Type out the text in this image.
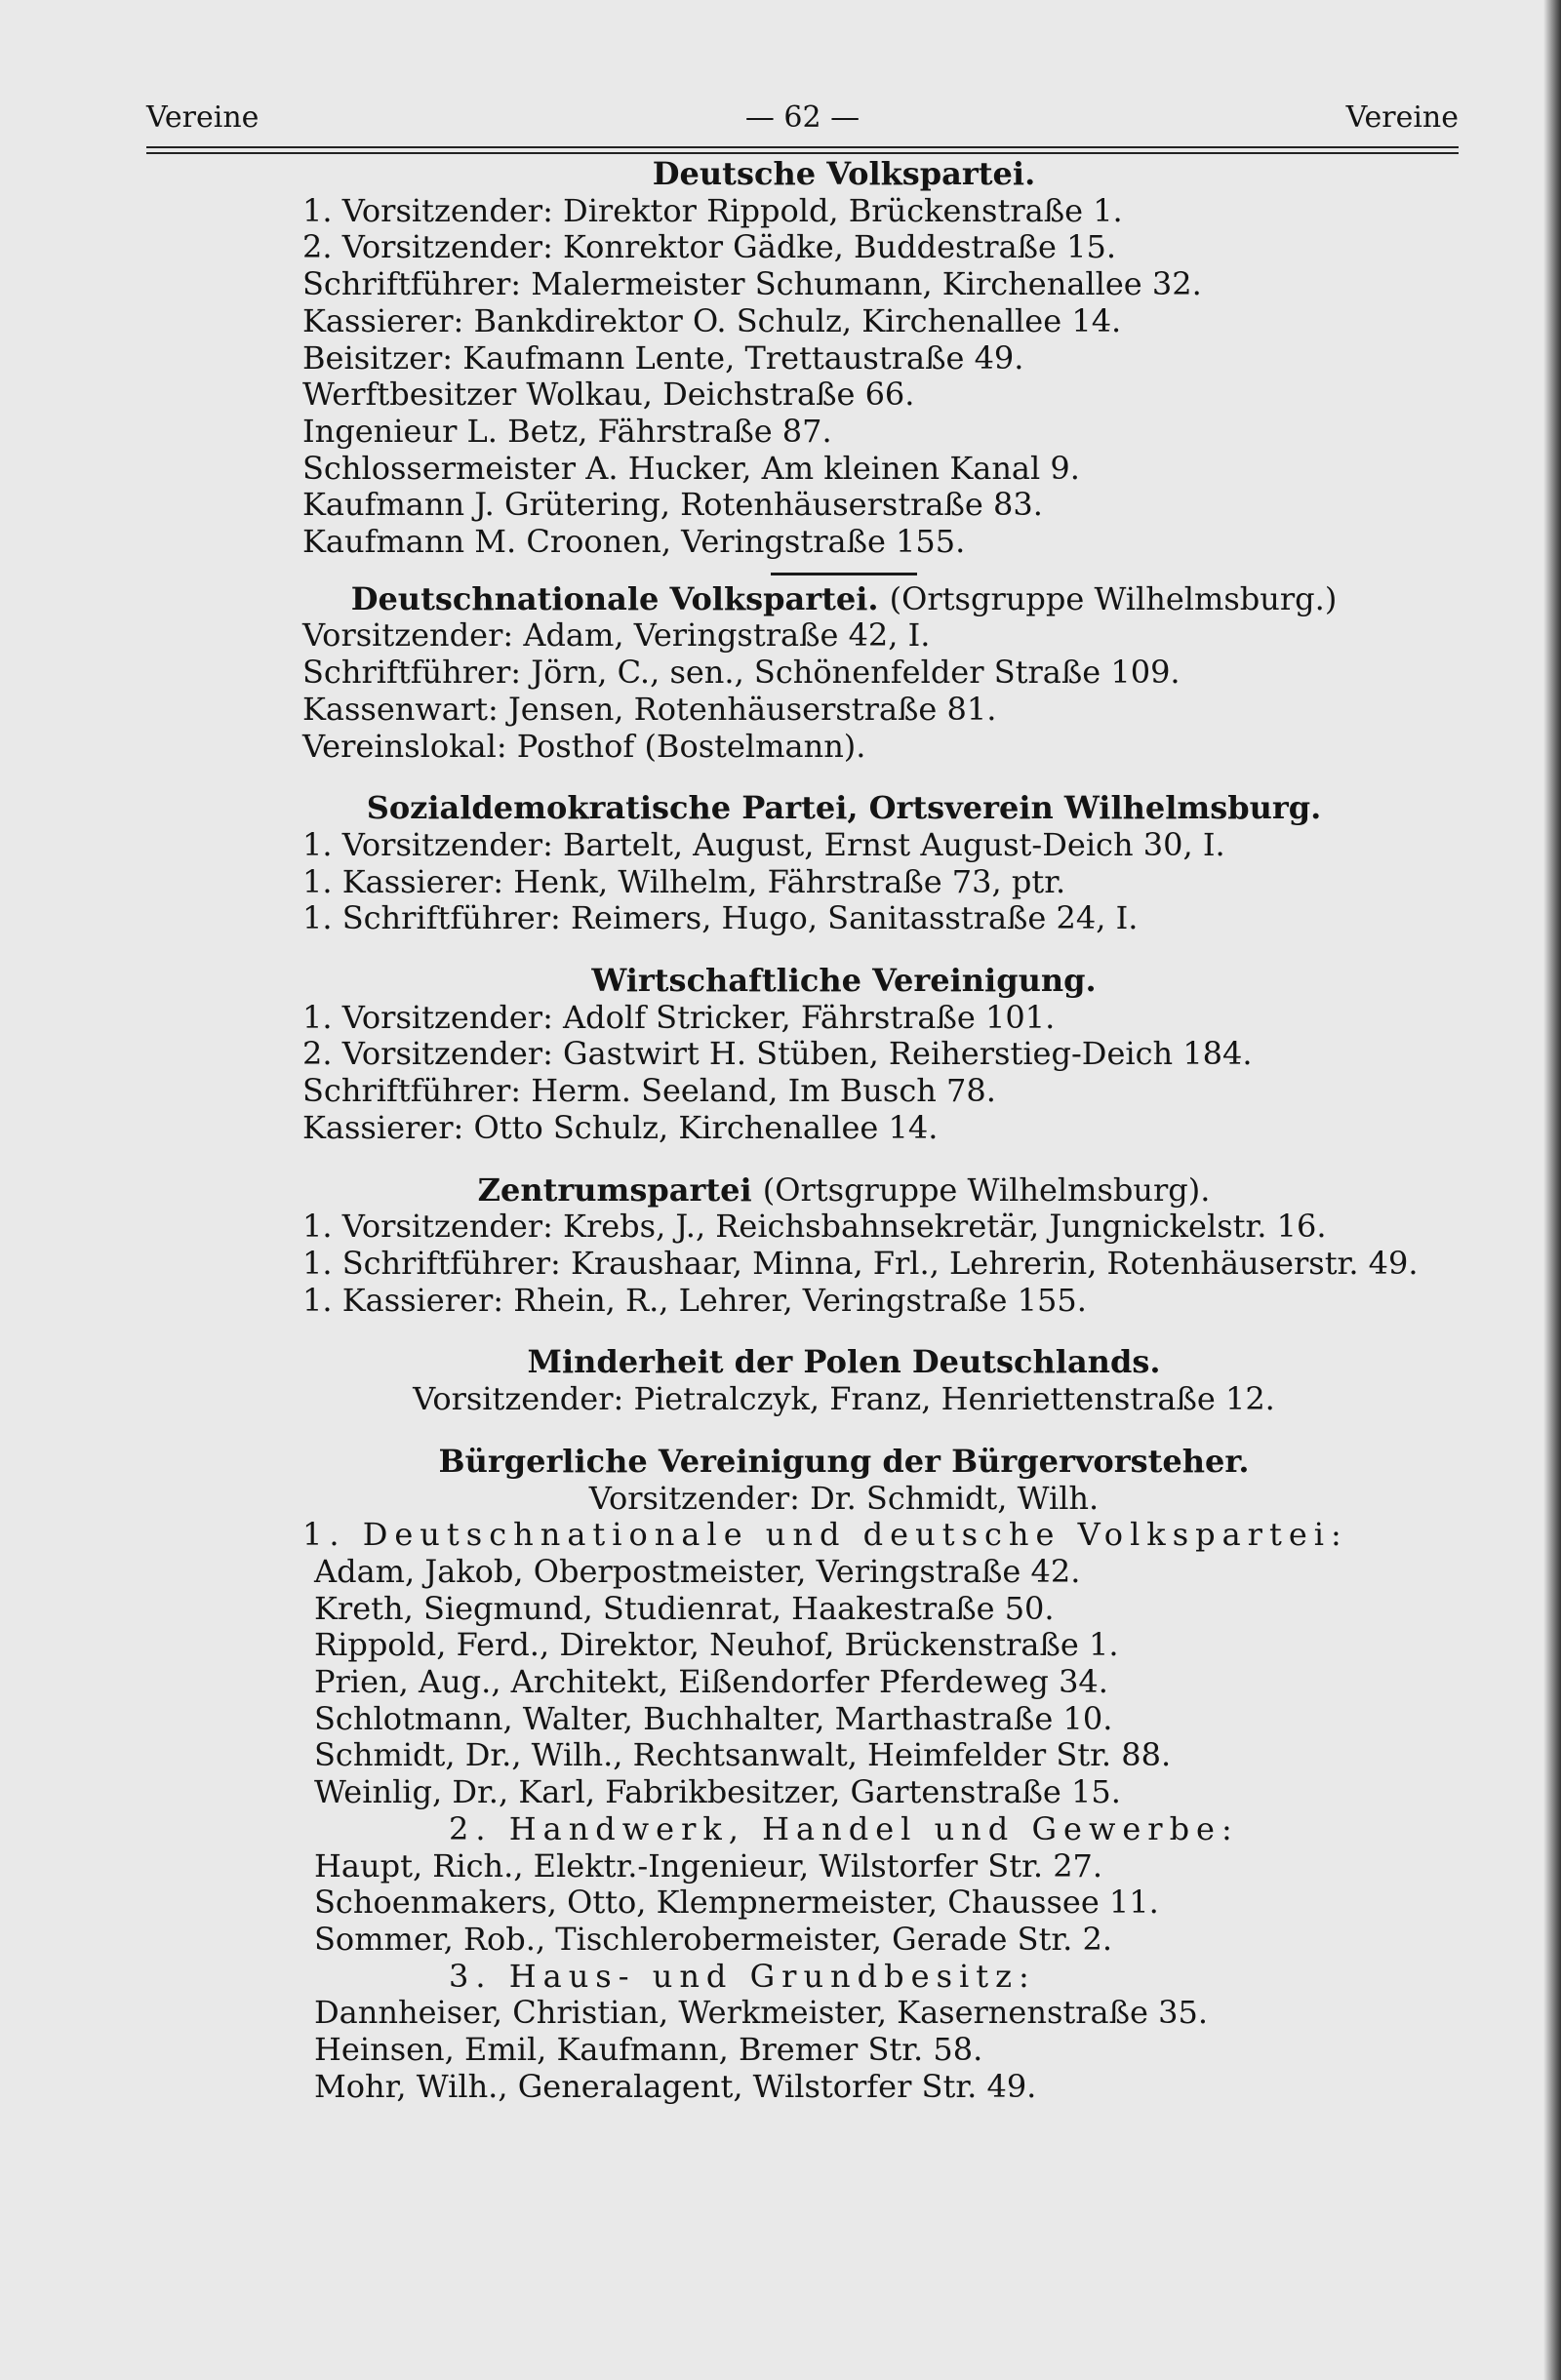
Vereine	— 62 —	Vereine
Deutsche Volkspartei.
1. Vorsitzender: Direktor Rippold, Brückenstraße 1.
2. Vorsitzender: Konrektor Gädke, Buddestraße 15.
Schriftführer: Malermeister Schumann, Kirchenallee 32.
Kassierer: Bankdirektor O. Schulz, Kirchenallee 14.
Beisitzer: Kaufmann Lente, Trettaustraße 49.
Werftbesitzer Wolkau, Deichstraße 66.
Ingenieur L. Betz, Fährstraße 87.
Schlossermeister A. Hucker, Am kleinen Kanal 9.
Kaufmann J. Grütering, Rotenhäuserstraße 83.
Kaufmann M. Croonen, Veringstraße 155.
Deutschnationale Volkspartei. (Ortsgruppe Wilhelmsburg.)
Vorsitzender: Adam, Veringstraße 42, I.
Schriftführer: Jörn, C., sen., Schönenfelder Straße 109.
Kassenwart: Jensen, Rotenhäuserstraße 81.
Vereinslokal: Posthof (Bostelmann).
Sozialdemokratische Partei, Ortsverein Wilhelmsburg.
1. Vorsitzender: Bartelt, August, Ernst August-Deich 30, I.
1. Kassierer: Henk, Wilhelm, Fährstraße 73, ptr.
1. Schriftführer: Reimers, Hugo, Sanitasstraße 24, I.
Wirtschaftliche Vereinigung.
1. Vorsitzender: Adolf Stricker, Fährstraße 101.
2. Vorsitzender: Gastwirt H. Stüben, Reiherstieg-Deich 184.
Schriftführer: Herm. Seeland, Im Busch 78.
Kassierer: Otto Schulz, Kirchenallee 14.
Zentrumspartei (Ortsgruppe Wilhelmsburg).
1. Vorsitzender: Krebs, J., Reichsbahnsekretär, Jungnickelstr. 16.
1. Schriftführer: Kraushaar, Minna, Frl., Lehrerin, Rotenhäuserstr. 49.
1. Kassierer: Rhein, R., Lehrer, Veringstraße 155.
Minderheit der Polen Deutschlands.
Vorsitzender: Pietralczyk, Franz, Henriettenstraße 12.
Bürgerliche Vereinigung der Bürgervorsteher.
Vorsitzender: Dr. Schmidt, Wilh.
1. Deutschnationale und deutsche Volkspartei:
Adam, Jakob, Oberpostmeister, Veringstraße 42.
Kreth, Siegmund, Studienrat, Haakestraße 50.
Rippold, Ferd., Direktor, Neuhof, Brückenstraße 1.
Prien, Aug., Architekt, Eißendorfer Pferdeweg 34.
Schlotmann, Walter, Buchhalter, Marthastraße 10.
Schmidt, Dr., Wilh., Rechtsanwalt, Heimfelder Str. 88.
Weinlig, Dr., Karl, Fabrikbesitzer, Gartenstraße 15.
2. Handwerk, Handel und Gewerbe:
Haupt, Rich., Elektr.-Ingenieur, Wilstorfer Str. 27.
Schoenmakers, Otto, Klempnermeister, Chaussee 11.
Sommer, Rob., Tischlerobermeister, Gerade Str. 2.
3. Haus- und Grundbesitz:
Dannheiser, Christian, Werkmeister, Kasernenstraße 35.
Heinsen, Emil, Kaufmann, Bremer Str. 58.
Mohr, Wilh., Generalagent, Wilstorfer Str. 49.
